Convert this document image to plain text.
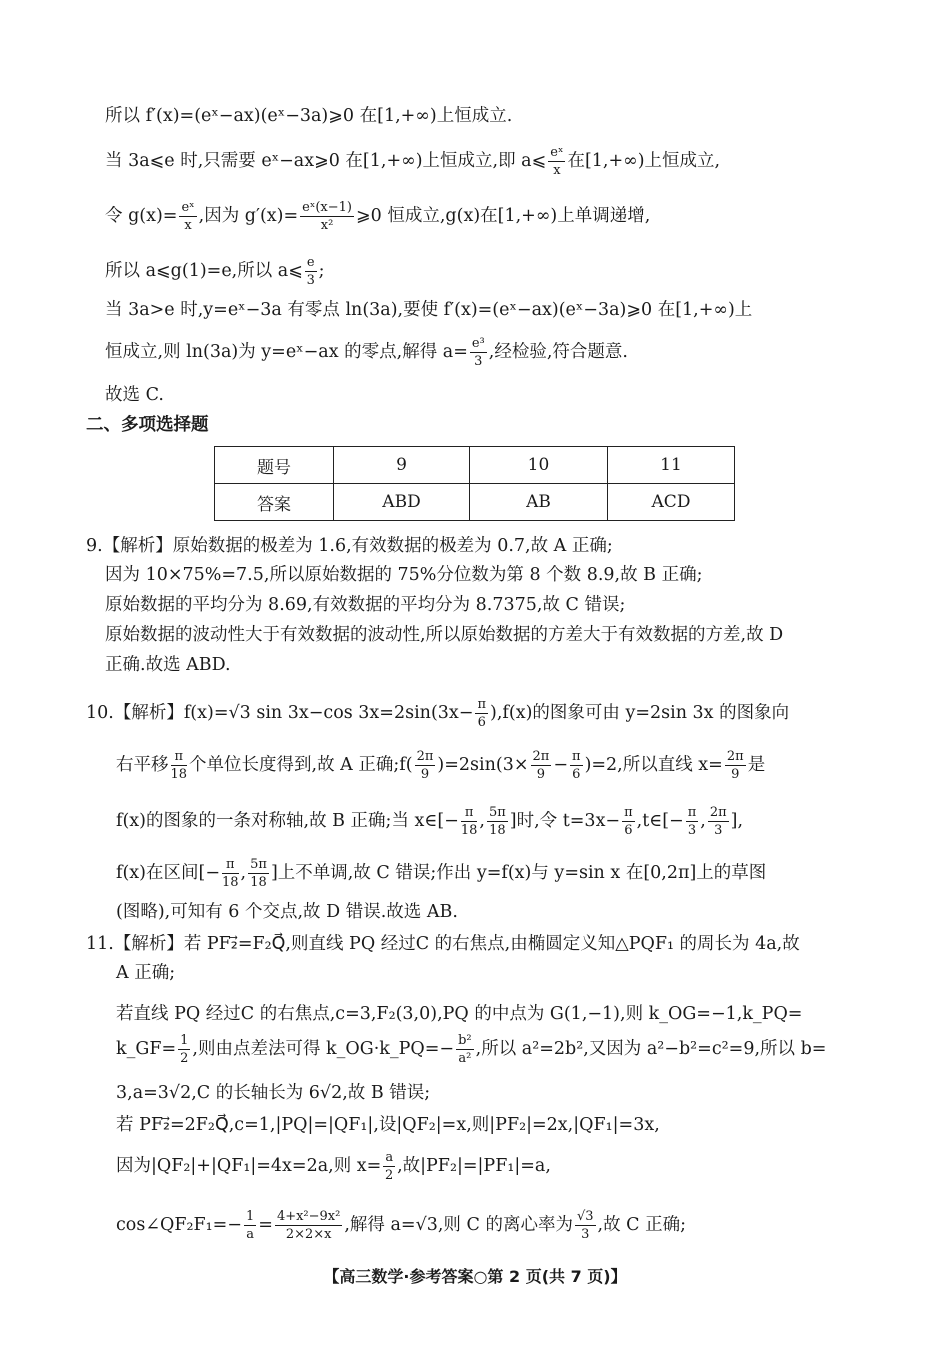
所以 f′(x)=(eˣ−ax)(eˣ−3a)⩾0 在[1,+∞)上恒成立.
当 3a⩽e 时,只需要 eˣ−ax⩾0 在[1,+∞)上恒成立,即 a⩽ $\frac{\text{eˣ}}{x}$ 在[1,+∞)上恒成立,
令 $g(x)= \frac{\text{eˣ}}{x}$ ,因为 $g'(x)= \frac{\text{eˣ(x−1)}}{\text{x²}}$ ⩾0 恒成立,g(x)在[1,+∞)上单调递增,
所以 a⩽g(1)=e,所以 a⩽ $\frac{e}{3}$ ;
当 3a>e 时,y=eˣ−3a 有零点 ln(3a),要使 f′(x)=(eˣ−ax)(eˣ−3a)⩾0 在[1,+∞)上
恒成立,则 ln(3a)为 y=eˣ−ax 的零点,解得 $a= \frac{\text{e³}}{3}$ ,经检验,符合题意.
故选 C.
二、多项选择题
题号	9	10	11
答案	ABD	AB	ACD
9.【解析】原始数据的极差为 1.6,有效数据的极差为 0.7,故 A 正确;
因为 10×75%=7.5,所以原始数据的 75%分位数为第 8 个数 8.9,故 B 正确;
原始数据的平均分为 8.69,有效数据的平均分为 8.7375,故 C 错误;
原始数据的波动性大于有效数据的波动性,所以原始数据的方差大于有效数据的方差,故 D
正确.故选 ABD.
10.【解析】f(x)=√3 sin 3x−cos $3x=2\sin(3x- \frac{\pi}{6} ),f(x)$的图象可由 y=2sin 3x 的图象向
右平移 $\frac{\pi}{18}$ 个单位长度得到,故 A 正确;f( $\frac{2\pi}{9} )=2\sin(3\times \frac{2\pi}{9} - \frac{\pi}{6} )=2$,所以直线 $x= \frac{2\pi}{9}$ 是
f(x)的图象的一条对称轴,故 B 正确;当 x∈[− $\frac{\pi}{18}$ , $\frac{5\pi}{18}$ ]时,令 $t=3x- \frac{\pi}{6}$ ,t∈[− $\frac{\pi}{3}$ , $\frac{2\pi}{3}$ ],
f(x)在区间[− $\frac{\pi}{18}$ , $\frac{5\pi}{18}$ ]上不单调,故 C 错误;作出 y=f(x)与 y=sin x 在[0,2π]上的草图
(图略),可知有 6 个交点,故 D 错误.故选 AB.
11.【解析】若 PF₂⃗=F₂Q⃗,则直线 PQ 经过C 的右焦点,由椭圆定义知△PQF₁ 的周长为 4a,故
A 正确;
若直线 PQ 经过C 的右焦点,c=3,F₂(3,0),PQ 的中点为 G(1,−1),则 k_OG=−1,k_PQ=
k_GF= $\frac{1}{2}$ ,则由点差法可得 k_OG·k_PQ=− $\frac{\text{b²}}{\text{a²}}$ ,所以 a²=2b²,又因为 a²−b²=c²=9,所以 b=
3,a=3√2,C 的长轴长为 6√2,故 B 错误;
若 PF₂⃗=2F₂Q⃗,c=1,|PQ|=|QF₁|,设|QF₂|=x,则|PF₂|=2x,|QF₁|=3x,
因为|QF₂|+|QF₁|=4x=2a,则 $x= \frac{a}{2}$ ,故|PF₂|=|PF₁|=a,
cos∠QF₂F₁=− $\frac{1}{a} = \frac{\text{4+x²−9x²}}{2\times 2\times x}$ ,解得 a=√3,则 C 的离心率为 $\frac{√3}{3}$ ,故 C 正确;
【高三数学·参考答案○第 2 页(共 7 页)】
